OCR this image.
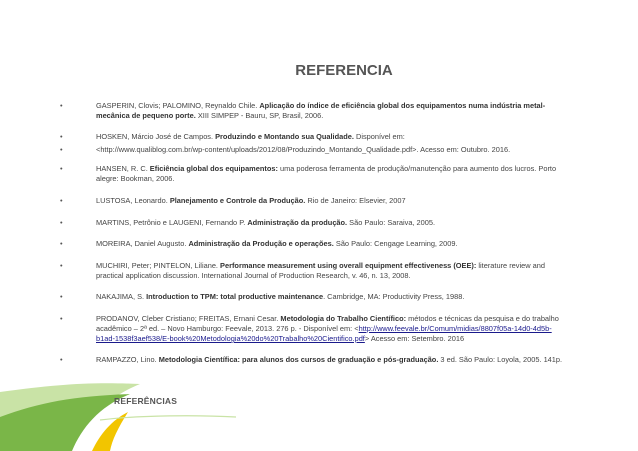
REFERENCIA
•	GASPERIN, Clovis; PALOMINO, Reynaldo Chile. Aplicação do índice de eficiência global dos equipamentos numa indústria metal-mecânica de pequeno porte. XIII SIMPEP - Bauru, SP, Brasil, 2006.
•	HOSKEN, Márcio José de Campos. Produzindo e Montando sua Qualidade. Disponível em:
•	<http://www.qualiblog.com.br/wp-content/uploads/2012/08/Produzindo_Montando_Qualidade.pdf>. Acesso em: Outubro. 2016.
•	HANSEN, R. C. Eficiência global dos equipamentos: uma poderosa ferramenta de produção/manutenção para aumento dos lucros. Porto alegre: Bookman, 2006.
•	LUSTOSA, Leonardo. Planejamento e Controle da Produção. Rio de Janeiro: Elsevier, 2007
•	MARTINS, Petrônio e LAUGENI, Fernando P. Administração da produção. São Paulo: Saraiva, 2005.
•	MOREIRA, Daniel Augusto. Administração da Produção e operações. São Paulo: Cengage Learning, 2009.
•	MUCHIRI, Peter; PINTELON, Liliane. Performance measurement using overall equipment effectiveness (OEE): literature review and practical application discussion. International Journal of Production Research, v. 46, n. 13, 2008.
•	NAKAJIMA, S. Introduction to TPM: total productive maintenance. Cambridge, MA: Productivity Press, 1988.
•	PRODANOV, Cleber Cristiano; FREITAS, Ernani Cesar. Metodologia do Trabalho Científico: métodos e técnicas da pesquisa e do trabalho acadêmico – 2ª ed. – Novo Hamburgo: Feevale, 2013. 276 p. - Disponível em: <http://www.feevale.br/Comum/midias/8807f05a-14d0-4d5b-b1ad-1538f3aef538/E-book%20Metodologia%20do%20Trabalho%20Cientifico.pdf> Acesso em: Setembro. 2016
•	RAMPAZZO, Lino. Metodologia Científica: para alunos dos cursos de graduação e pós-graduação. 3 ed. São Paulo: Loyola, 2005. 141p.
REFERÊNCIAS
